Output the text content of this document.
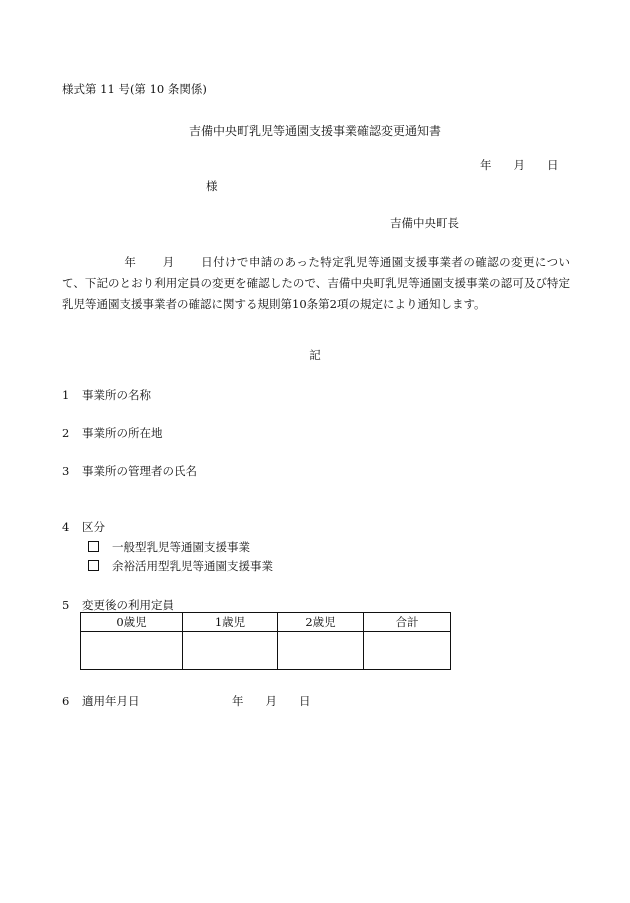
様式第 11 号(第 10 条関係)
吉備中央町乳児等通園支援事業確認変更通知書
年 月 日
様
吉備中央町長
年 月 日付けで申請のあった特定乳児等通園支援事業者の確認の変更について、下記のとおり利用定員の変更を確認したので、吉備中央町乳児等通園支援事業の認可及び特定乳児等通園支援事業者の確認に関する規則第10条第2項の規定により通知します。
記
1 事業所の名称
2 事業所の所在地
3 事業所の管理者の氏名
4 区分
一般型乳児等通園支援事業
余裕活用型乳児等通園支援事業
5 変更後の利用定員
0歳児	1歳児	2歳児	合計

6 適用年月日	年 月 日
